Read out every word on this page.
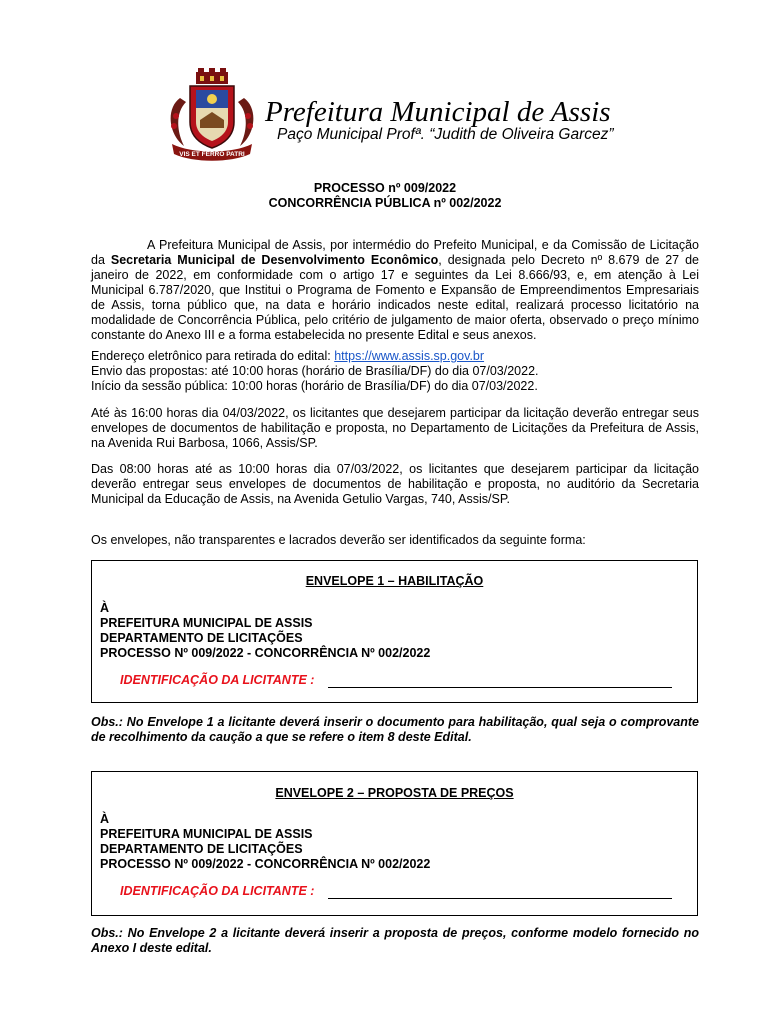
VIS ET FERRO PATRI
Prefeitura Municipal de Assis
Paço Municipal Profª. “Judith de Oliveira Garcez”
PROCESSO nº 009/2022
CONCORRÊNCIA PÚBLICA nº 002/2022
A Prefeitura Municipal de Assis, por intermédio do Prefeito Municipal, e da Comissão de Licitação da Secretaria Municipal de Desenvolvimento Econômico, designada pelo Decreto nº 8.679 de 27 de janeiro de 2022, em conformidade com o artigo 17 e seguintes da Lei 8.666/93, e, em atenção à Lei Municipal 6.787/2020, que Institui o Programa de Fomento e Expansão de Empreendimentos Empresariais de Assis, torna público que, na data e horário indicados neste edital, realizará processo licitatório na modalidade de Concorrência Pública, pelo critério de julgamento de maior oferta, observado o preço mínimo constante do Anexo III e a forma estabelecida no presente Edital e seus anexos.
Endereço eletrônico para retirada do edital: https://www.assis.sp.gov.br
Envio das propostas: até 10:00 horas (horário de Brasília/DF) do dia 07/03/2022.
Início da sessão pública: 10:00 horas (horário de Brasília/DF) do dia 07/03/2022.
Até às 16:00 horas dia 04/03/2022, os licitantes que desejarem participar da licitação deverão entregar seus envelopes de documentos de habilitação e proposta, no Departamento de Licitações da Prefeitura de Assis, na Avenida Rui Barbosa, 1066, Assis/SP.
Das 08:00 horas até as 10:00 horas dia 07/03/2022, os licitantes que desejarem participar da licitação deverão entregar seus envelopes de documentos de habilitação e proposta, no auditório da Secretaria Municipal da Educação de Assis, na Avenida Getulio Vargas, 740, Assis/SP.
Os envelopes, não transparentes e lacrados deverão ser identificados da seguinte forma:
ENVELOPE 1 – HABILITAÇÃO
À
PREFEITURA MUNICIPAL DE ASSIS
DEPARTAMENTO DE LICITAÇÕES
PROCESSO Nº 009/2022 - CONCORRÊNCIA Nº 002/2022
IDENTIFICAÇÃO DA LICITANTE :
Obs.: No Envelope 1 a licitante deverá inserir o documento para habilitação, qual seja o comprovante de recolhimento da caução a que se refere o item 8 deste Edital.
ENVELOPE 2 – PROPOSTA DE PREÇOS
À
PREFEITURA MUNICIPAL DE ASSIS
DEPARTAMENTO DE LICITAÇÕES
PROCESSO Nº 009/2022 - CONCORRÊNCIA Nº 002/2022
IDENTIFICAÇÃO DA LICITANTE :
Obs.: No Envelope 2 a licitante deverá inserir a proposta de preços, conforme modelo fornecido no Anexo I deste edital.
